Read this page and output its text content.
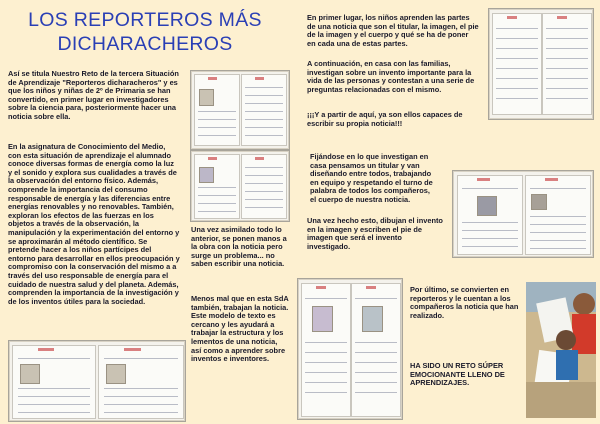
LOS REPORTEROS MÁS DICHARACHEROS
Así se titula Nuestro Reto de la tercera Situación de Aprendizaje "Reporteros dicharacheros" y es que los niños y niñas de 2º de Primaria se han convertido, en primer lugar en investigadores sobre la ciencia para, posteriormente hacer una noticia sobre ella.
En la asignatura de Conocimiento del Medio, con esta situación de aprendizaje el alumnado conoce diversas formas de energía como la luz y el sonido y explora sus cualidades a través de la observación del entorno físico. Además, comprende la importancia del consumo responsable de energía y las diferencias entre energías renovables y no renovables. También, exploran los efectos de las fuerzas en los objetos a través de la observación, la manipulación y la experimentación del entorno y se aproximarán al método científico. Se pretende hacer a los niños partícipes del entorno para desarrollar en ellos preocupación y compromiso con la conservación del mismo a a través del uso responsable de energía para el cuidado de nuestra salud y del planeta. Además, comprenden la importancia de la investigación y de los inventos útiles para la sociedad.
Una vez asimilado todo lo anterior, se ponen manos a la obra con la noticia pero surge un problema... no saben escribir una noticia.
Menos mal que en esta SdA también, trabajan la noticia. Este modelo de texto es cercano y les ayudará a trabajar la estructura y los lementos de una noticia, así como a aprender sobre inventos e inventores.
En primer lugar, los niños aprenden las partes de una noticia que son el titular, la imagen, el pie de la imagen y el cuerpo y qué se ha de poner en cada una de estas partes.
A continuación, en casa con las familias, investigan sobre un invento importante para la vida de las personas y contestan a una serie de preguntas relacionadas con el mismo.
¡¡¡Y a partir de aquí, ya son ellos capaces de escribir su propia noticia!!!
Fijándose en lo que investigan en casa pensamos un titular y van diseñando entre todos, trabajando en equipo y respetando el turno de palabra de todos los compañeros, el cuerpo de nuestra noticia.
Una vez hecho esto, dibujan el invento en la imagen y escriben el pie de imagen que será el invento investigado.
Por último, se convierten en reporteros y le cuentan a los compañeros la noticia que han realizado.
HA SIDO UN RETO SÚPER EMOCIONANTE LLENO DE APRENDIZAJES.
